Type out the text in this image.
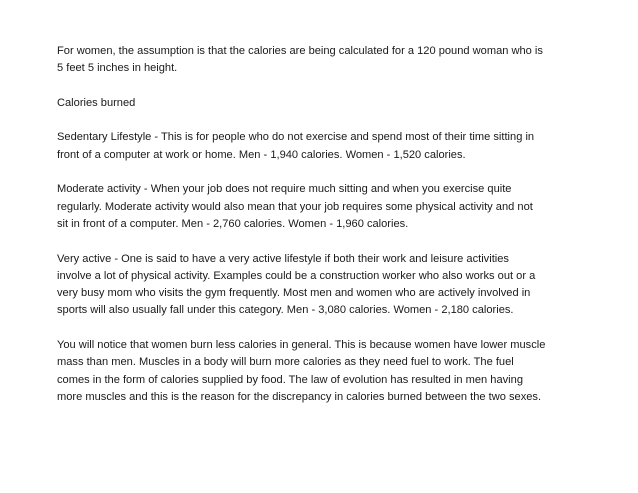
For women, the assumption is that the calories are being calculated for a 120 pound woman who is
5 feet 5 inches in height.

Calories burned

Sedentary Lifestyle - This is for people who do not exercise and spend most of their time sitting in
front of a computer at work or home. Men - 1,940 calories. Women - 1,520 calories.

Moderate activity - When your job does not require much sitting and when you exercise quite
regularly. Moderate activity would also mean that your job requires some physical activity and not
sit in front of a computer. Men - 2,760 calories. Women - 1,960 calories.

Very active - One is said to have a very active lifestyle if both their work and leisure activities
involve a lot of physical activity. Examples could be a construction worker who also works out or a
very busy mom who visits the gym frequently. Most men and women who are actively involved in
sports will also usually fall under this category. Men - 3,080 calories. Women - 2,180 calories.

You will notice that women burn less calories in general. This is because women have lower muscle
mass than men. Muscles in a body will burn more calories as they need fuel to work. The fuel
comes in the form of calories supplied by food. The law of evolution has resulted in men having
more muscles and this is the reason for the discrepancy in calories burned between the two sexes.
